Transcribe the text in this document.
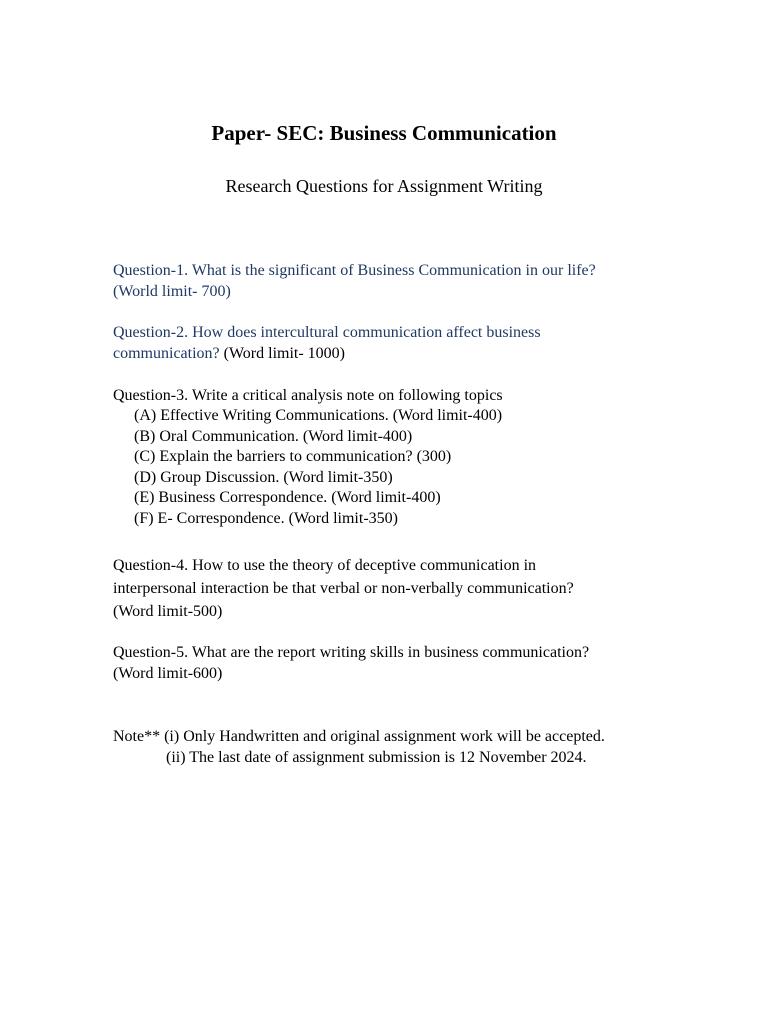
Paper- SEC: Business Communication
Research Questions for Assignment Writing
Question-1. What is the significant of Business Communication in our life?
(World limit- 700)
Question-2. How does intercultural communication affect business
communication? (Word limit- 1000)
Question-3. Write a critical analysis note on following topics
(A) Effective Writing Communications. (Word limit-400)
(B) Oral Communication. (Word limit-400)
(C) Explain the barriers to communication? (300)
(D) Group Discussion. (Word limit-350)
(E) Business Correspondence. (Word limit-400)
(F) E- Correspondence. (Word limit-350)
Question-4. How to use the theory of deceptive communication in
interpersonal interaction be that verbal or non-verbally communication?
(Word limit-500)
Question-5. What are the report writing skills in business communication?
(Word limit-600)
Note** (i) Only Handwritten and original assignment work will be accepted.
(ii) The last date of assignment submission is 12 November 2024.
